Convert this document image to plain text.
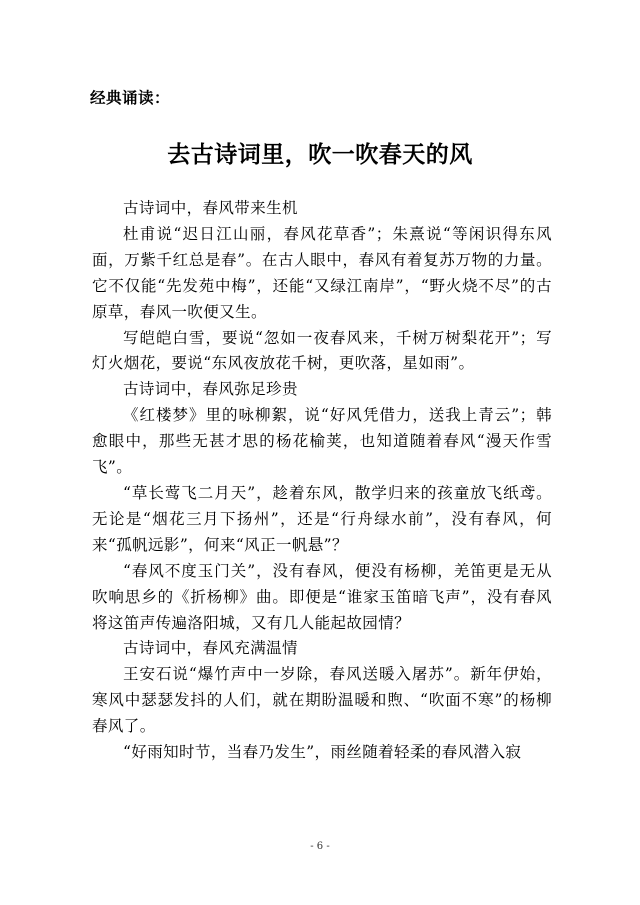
经典诵读：
去古诗词里，吹一吹春天的风

古诗词中，春风带来生机

杜甫说“迟日江山丽，春风花草香”；朱熹说“等闲识得东风面，万紫千红总是春”。在古人眼中，春风有着复苏万物的力量。它不仅能“先发苑中梅”，还能“又绿江南岸”，“野火烧不尽”的古原草，春风一吹便又生。

写皑皑白雪，要说“忽如一夜春风来，千树万树梨花开”；写灯火烟花，要说“东风夜放花千树，更吹落，星如雨”。

古诗词中，春风弥足珍贵

《红楼梦》里的咏柳絮，说“好风凭借力，送我上青云”；韩愈眼中，那些无甚才思的杨花榆荚，也知道随着春风“漫天作雪飞”。

“草长莺飞二月天”，趁着东风，散学归来的孩童放飞纸鸢。无论是“烟花三月下扬州”，还是“行舟绿水前”，没有春风，何来“孤帆远影”，何来“风正一帆悬”？

“春风不度玉门关”，没有春风，便没有杨柳，羌笛更是无从吹响思乡的《折杨柳》曲。即便是“谁家玉笛暗飞声”，没有春风将这笛声传遍洛阳城，又有几人能起故园情？

古诗词中，春风充满温情

王安石说“爆竹声中一岁除，春风送暖入屠苏”。新年伊始，寒风中瑟瑟发抖的人们，就在期盼温暖和煦、“吹面不寒”的杨柳春风了。

“好雨知时节，当春乃发生”，雨丝随着轻柔的春风潜入寂

- 6 -
